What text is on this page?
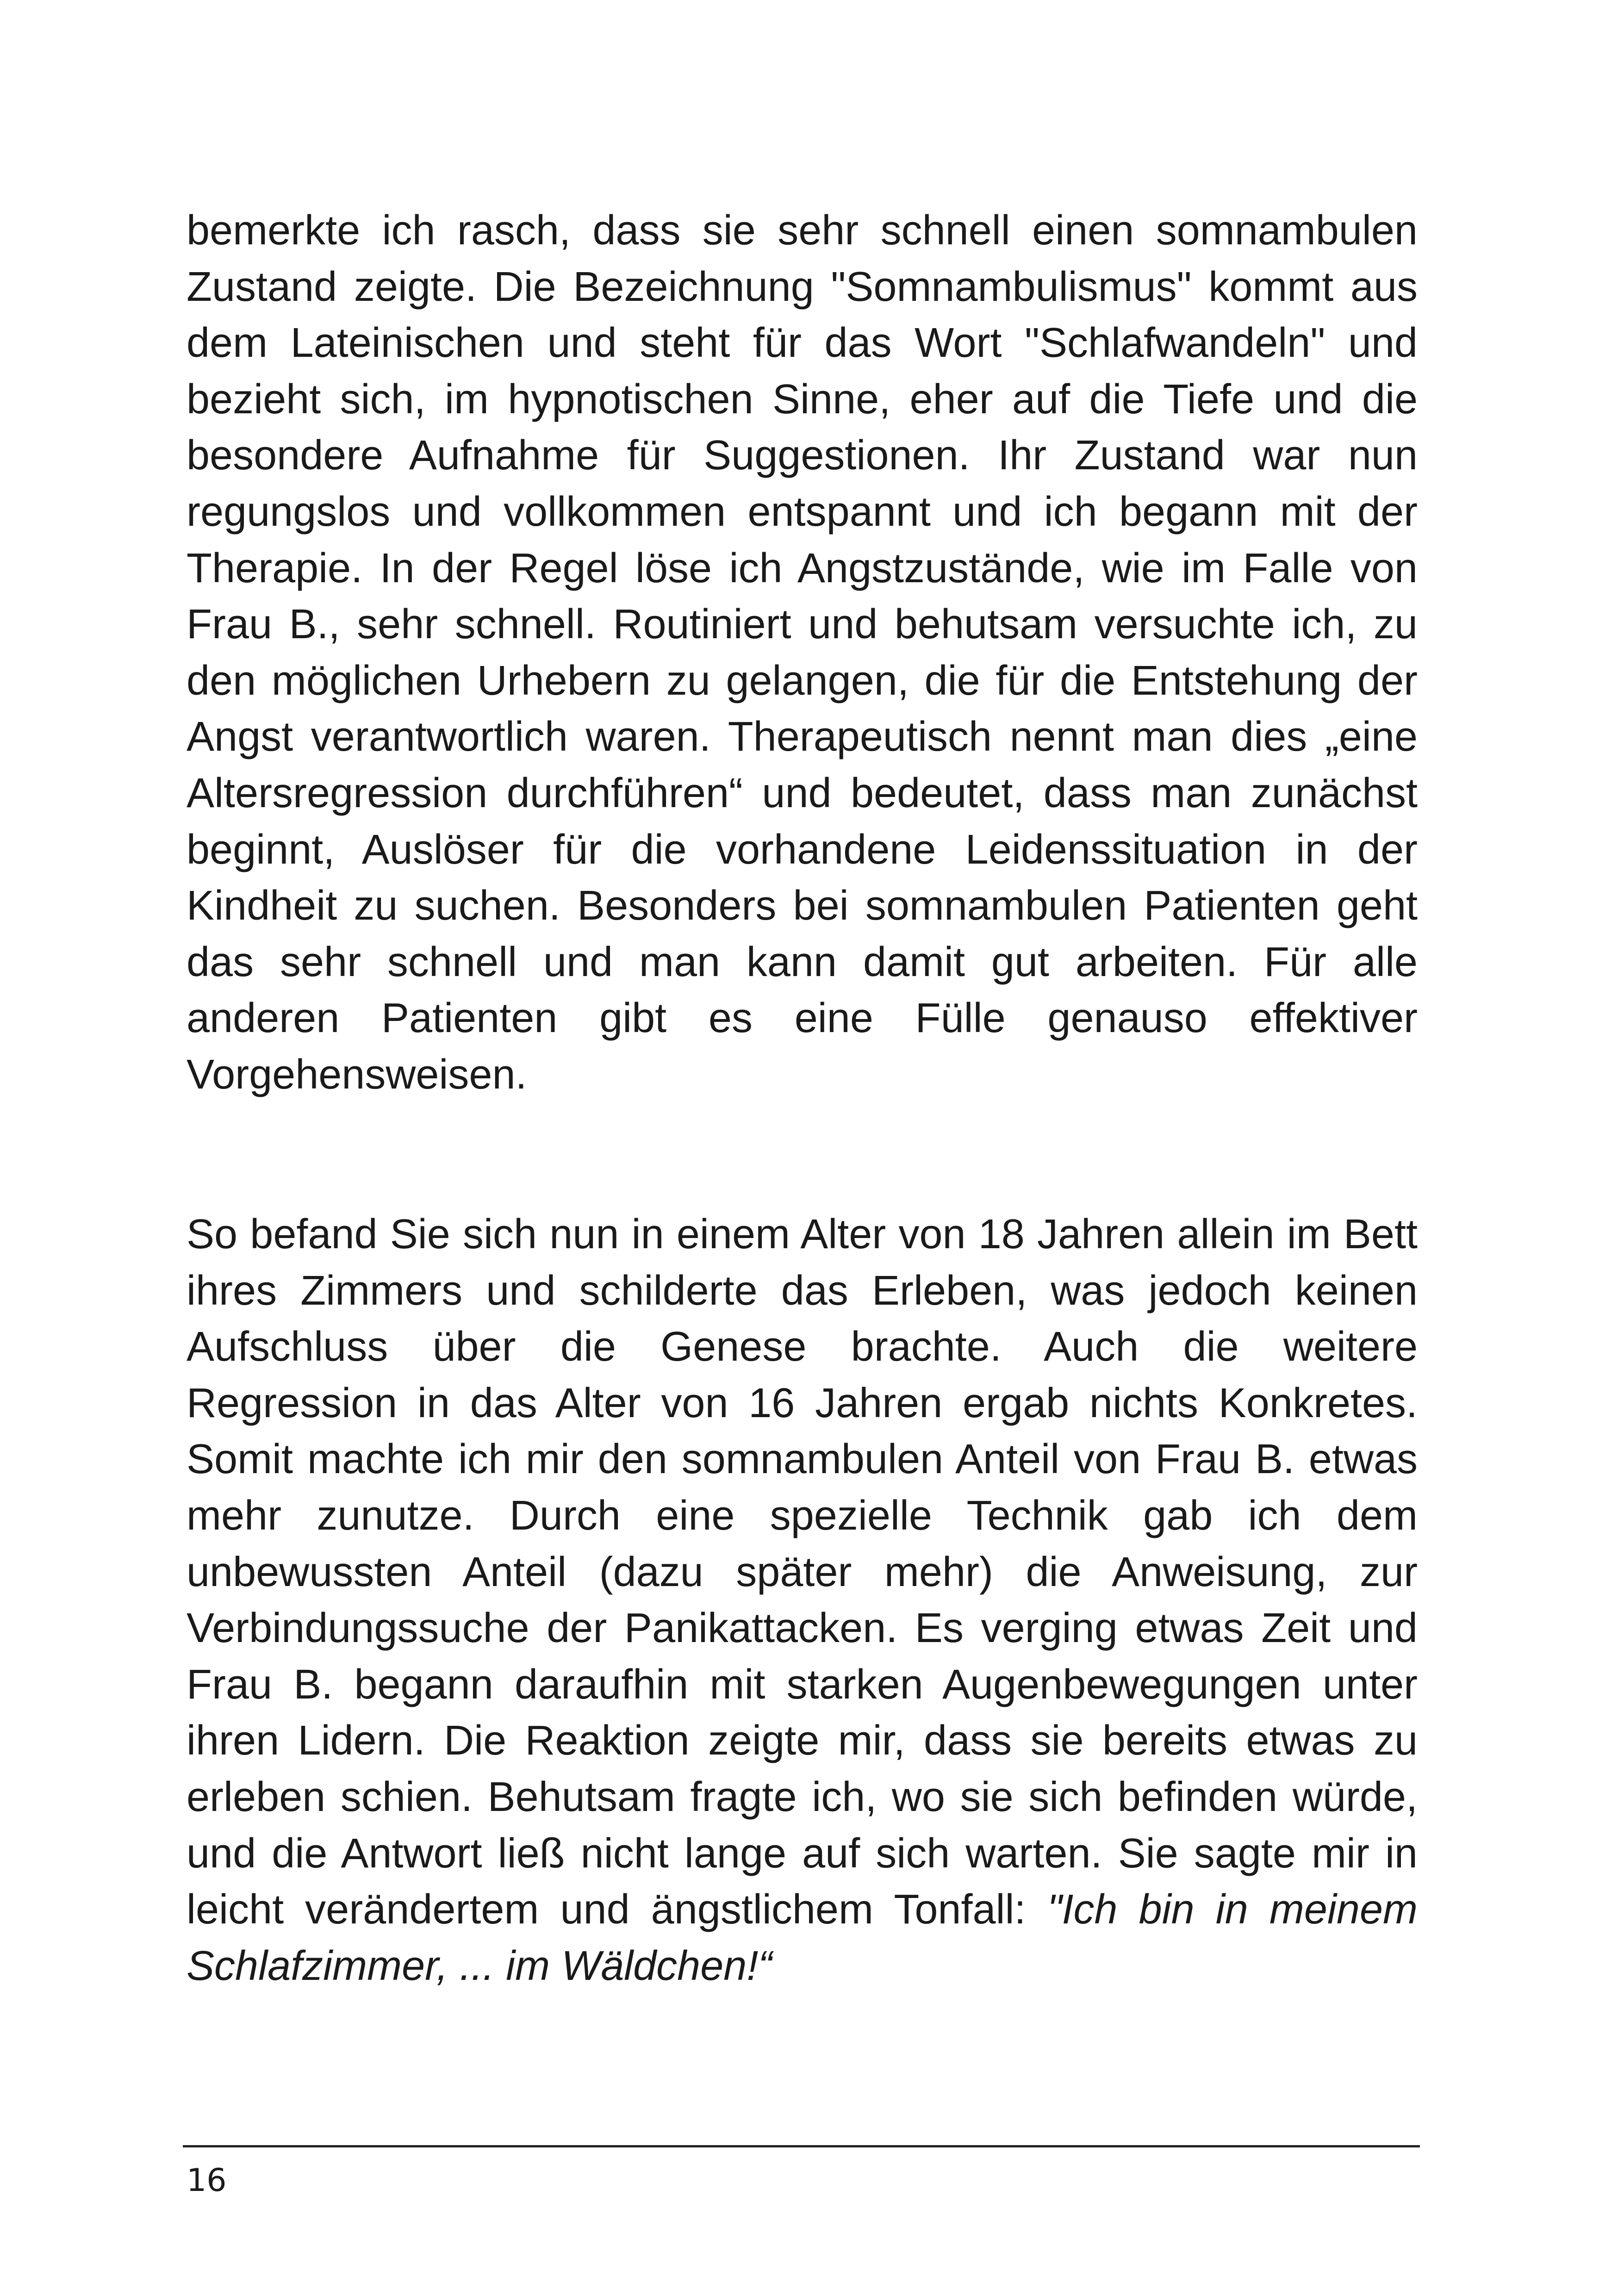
bemerkte ich rasch, dass sie sehr schnell einen somnambulen
Zustand zeigte. Die Bezeichnung "Somnambulismus" kommt aus
dem Lateinischen und steht für das Wort "Schlafwandeln" und
bezieht sich, im hypnotischen Sinne, eher auf die Tiefe und die
besondere Aufnahme für Suggestionen. Ihr Zustand war nun
regungslos und vollkommen entspannt und ich begann mit der
Therapie. In der Regel löse ich Angstzustände, wie im Falle von
Frau B., sehr schnell. Routiniert und behutsam versuchte ich, zu
den möglichen Urhebern zu gelangen, die für die Entstehung der
Angst verantwortlich waren. Therapeutisch nennt man dies „eine
Altersregression durchführen“ und bedeutet, dass man zunächst
beginnt, Auslöser für die vorhandene Leidenssituation in der
Kindheit zu suchen. Besonders bei somnambulen Patienten geht
das sehr schnell und man kann damit gut arbeiten. Für alle
anderen Patienten gibt es eine Fülle genauso effektiver
Vorgehensweisen.

So befand Sie sich nun in einem Alter von 18 Jahren allein im Bett
ihres Zimmers und schilderte das Erleben, was jedoch keinen
Aufschluss über die Genese brachte. Auch die weitere
Regression in das Alter von 16 Jahren ergab nichts Konkretes.
Somit machte ich mir den somnambulen Anteil von Frau B. etwas
mehr zunutze. Durch eine spezielle Technik gab ich dem
unbewussten Anteil (dazu später mehr) die Anweisung, zur
Verbindungssuche der Panikattacken. Es verging etwas Zeit und
Frau B. begann daraufhin mit starken Augenbewegungen unter
ihren Lidern. Die Reaktion zeigte mir, dass sie bereits etwas zu
erleben schien. Behutsam fragte ich, wo sie sich befinden würde,
und die Antwort ließ nicht lange auf sich warten. Sie sagte mir in
leicht verändertem und ängstlichem Tonfall: "Ich bin in meinem
Schlafzimmer, ... im Wäldchen!“

16
